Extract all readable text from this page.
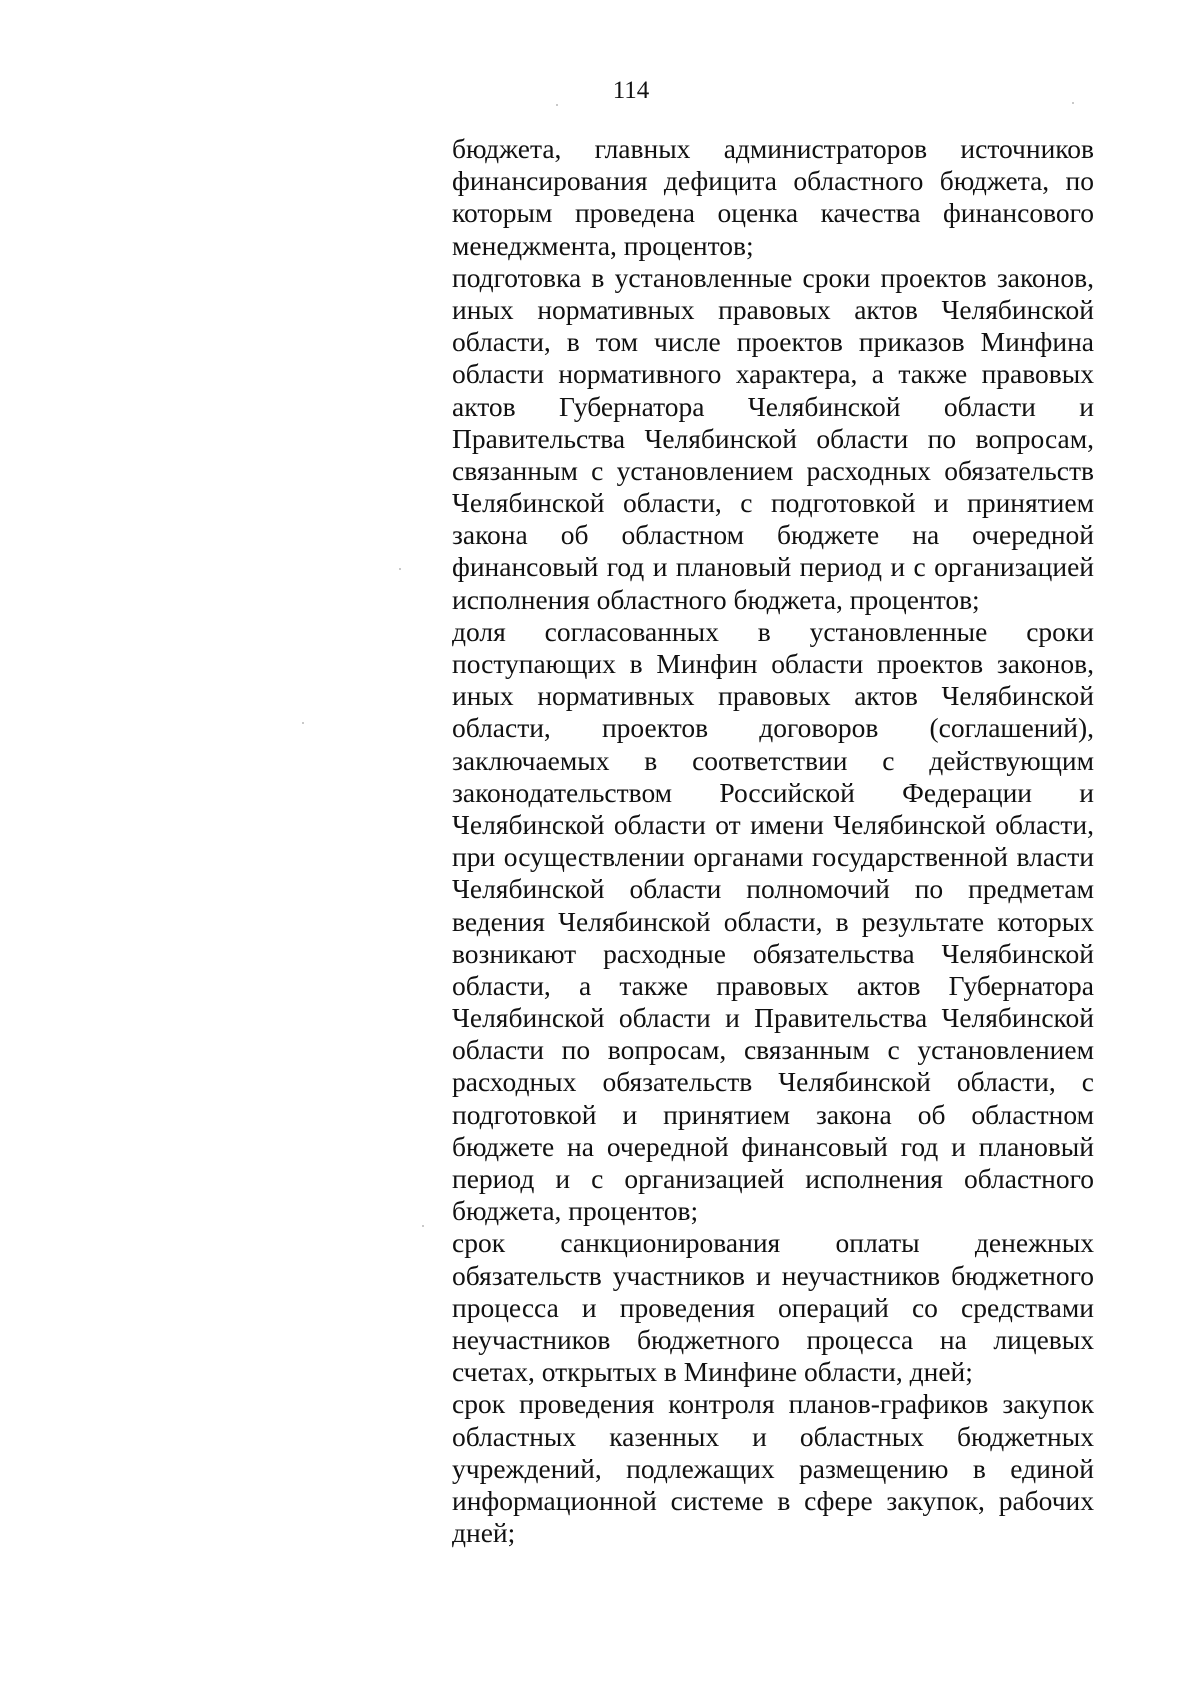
114
бюджета, главных администраторов источников
финансирования дефицита областного бюджета, по
которым проведена оценка качества финансового
менеджмента, процентов;
подготовка в установленные сроки проектов законов,
иных нормативных правовых актов Челябинской
области, в том числе проектов приказов Минфина
области нормативного характера, а также правовых
актов Губернатора Челябинской области и
Правительства Челябинской области по вопросам,
связанным с установлением расходных обязательств
Челябинской области, с подготовкой и принятием
закона об областном бюджете на очередной
финансовый год и плановый период и с организацией
исполнения областного бюджета, процентов;
доля согласованных в установленные сроки
поступающих в Минфин области проектов законов,
иных нормативных правовых актов Челябинской
области, проектов договоров (соглашений),
заключаемых в соответствии с действующим
законодательством Российской Федерации и
Челябинской области от имени Челябинской области,
при осуществлении органами государственной власти
Челябинской области полномочий по предметам
ведения Челябинской области, в результате которых
возникают расходные обязательства Челябинской
области, а также правовых актов Губернатора
Челябинской области и Правительства Челябинской
области по вопросам, связанным с установлением
расходных обязательств Челябинской области, с
подготовкой и принятием закона об областном
бюджете на очередной финансовый год и плановый
период и с организацией исполнения областного
бюджета, процентов;
срок санкционирования оплаты денежных
обязательств участников и неучастников бюджетного
процесса и проведения операций со средствами
неучастников бюджетного процесса на лицевых
счетах, открытых в Минфине области, дней;
срок проведения контроля планов-графиков закупок
областных казенных и областных бюджетных
учреждений, подлежащих размещению в единой
информационной системе в сфере закупок, рабочих
дней;
